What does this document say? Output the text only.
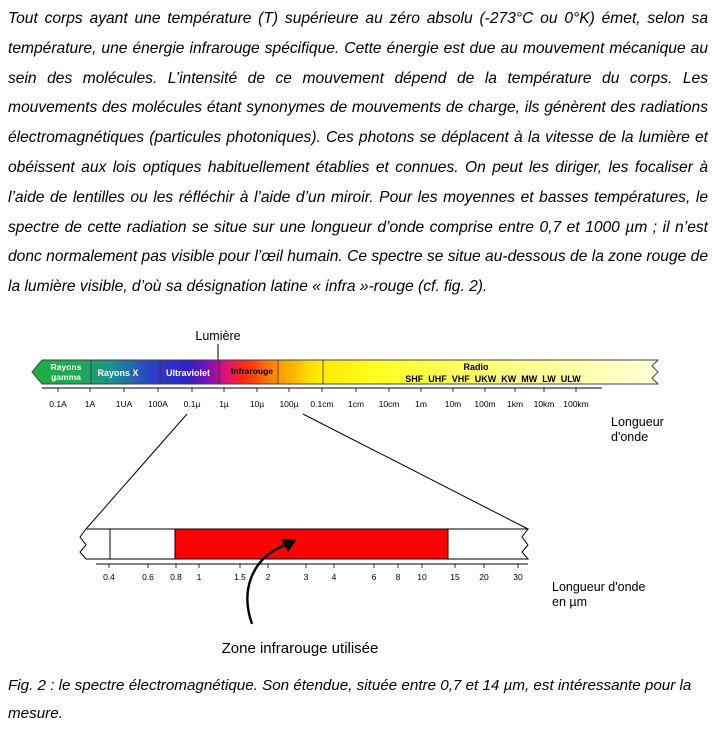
Tout corps ayant une température (T) supérieure au zéro absolu (-273°C ou 0°K) émet, selon sa température, une énergie infrarouge spécifique. Cette énergie est due au mouvement mécanique au sein des molécules. L’intensité de ce mouvement dépend de la température du corps. Les mouvements des molécules étant synonymes de mouvements de charge, ils génèrent des radiations électromagnétiques (particules photoniques). Ces photons se déplacent à la vitesse de la lumière et obéissent aux lois optiques habituellement établies et connues. On peut les diriger, les focaliser à l’aide de lentilles ou les réfléchir à l’aide d’un miroir. Pour les moyennes et basses températures, le spectre de cette radiation se situe sur une longueur d’onde comprise entre 0,7 et 1000 µm ; il n’est donc normalement pas visible pour l’œil humain. Ce spectre se situe au-dessous de la zone rouge de la lumière visible, d’où sa désignation latine « infra »-rouge (cf. fig. 2).

Lumière
Rayons
gamma Rayons X	Ultraviolet Infrarouge	Radio
SHF  UHF  VHF  UKW  KW  MW  LW  ULW
0.1A 1A 1UA 100A 0.1µ 1µ 10µ 100µ 0.1cm 1cm 10cm 1m 10m 100m 1km 10km 100km
Longueur
d'onde
0.4	0.6 0.8 1	1.5 2	3	4	6 8 10	15 20	30
Longueur d'onde
en µm
Zone infrarouge utilisée

Fig. 2 : le spectre électromagnétique. Son étendue, située entre 0,7 et 14 µm, est intéressante pour la mesure.
